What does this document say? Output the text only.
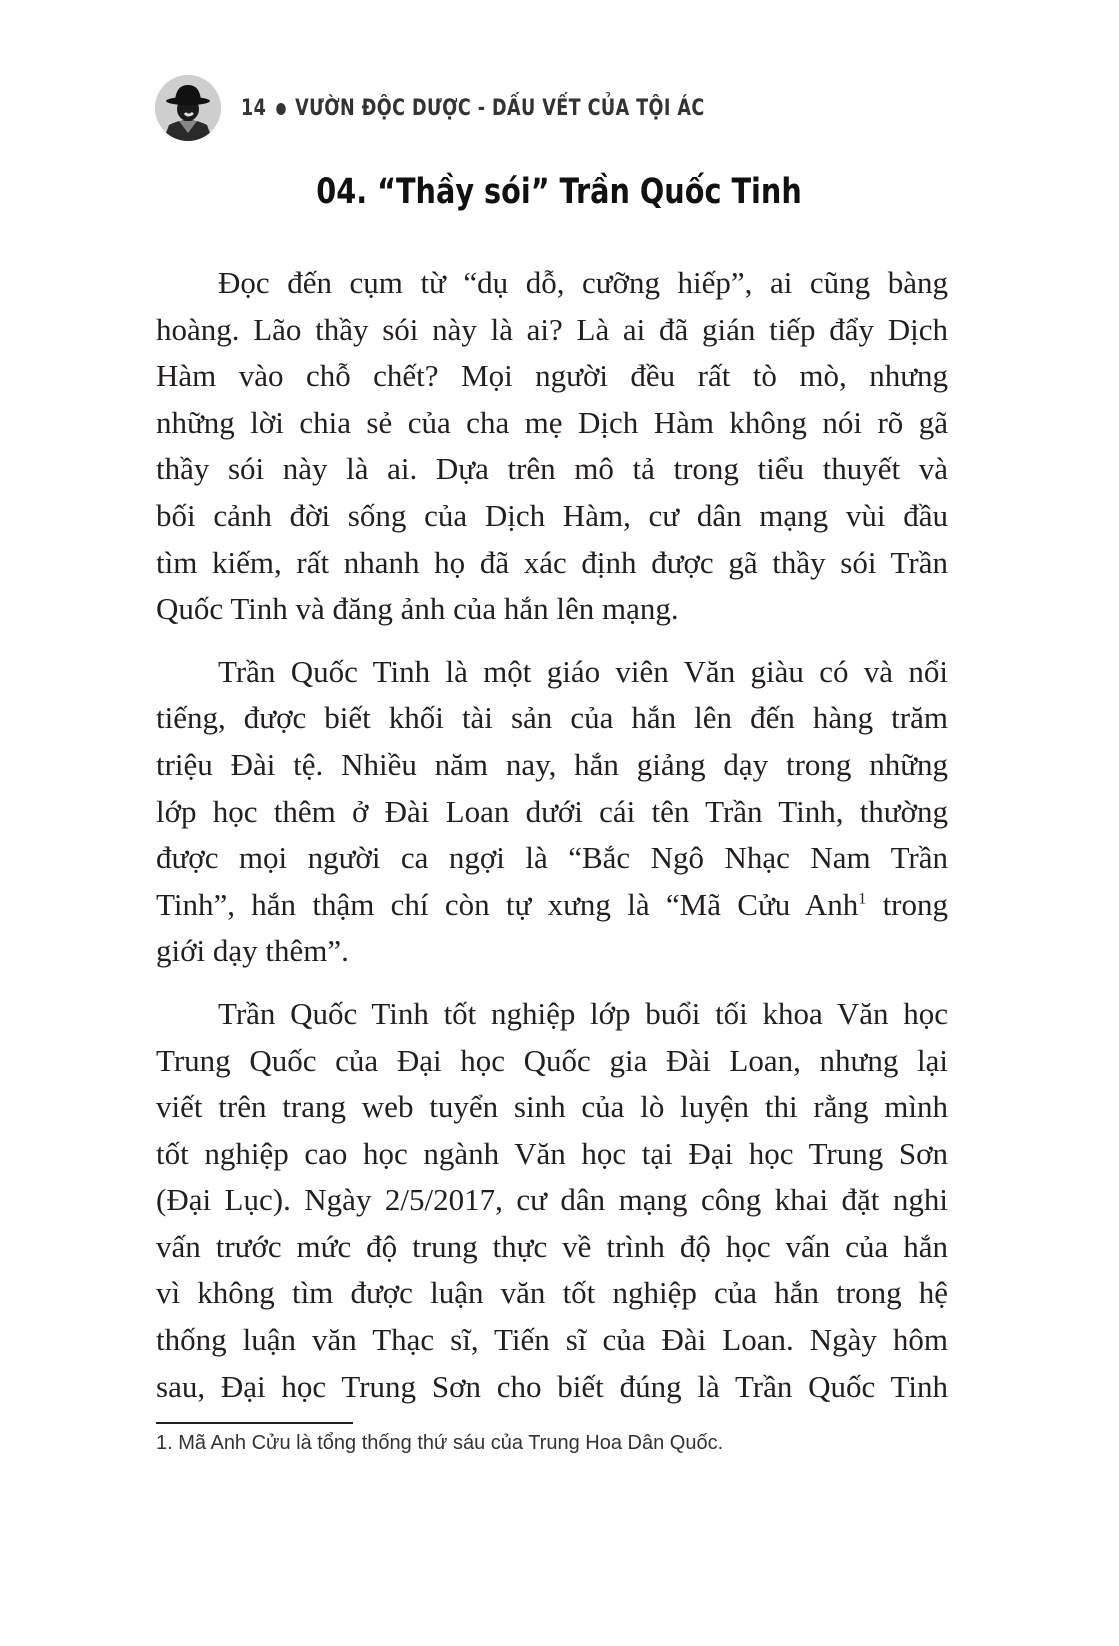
14 VƯỜN ĐỘC DƯỢC - DẤU VẾT CỦA TỘI ÁC
04. “Thầy sói” Trần Quốc Tinh
Đọc đến cụm từ “dụ dỗ, cưỡng hiếp”, ai cũng bàng
hoàng. Lão thầy sói này là ai? Là ai đã gián tiếp đẩy Dịch
Hàm vào chỗ chết? Mọi người đều rất tò mò, nhưng
những lời chia sẻ của cha mẹ Dịch Hàm không nói rõ gã
thầy sói này là ai. Dựa trên mô tả trong tiểu thuyết và
bối cảnh đời sống của Dịch Hàm, cư dân mạng vùi đầu
tìm kiếm, rất nhanh họ đã xác định được gã thầy sói Trần
Quốc Tinh và đăng ảnh của hắn lên mạng.
Trần Quốc Tinh là một giáo viên Văn giàu có và nổi
tiếng, được biết khối tài sản của hắn lên đến hàng trăm
triệu Đài tệ. Nhiều năm nay, hắn giảng dạy trong những
lớp học thêm ở Đài Loan dưới cái tên Trần Tinh, thường
được mọi người ca ngợi là “Bắc Ngô Nhạc Nam Trần
Tinh”, hắn thậm chí còn tự xưng là “Mã Cửu Anh$^1$ trong
giới dạy thêm”.
Trần Quốc Tinh tốt nghiệp lớp buổi tối khoa Văn học
Trung Quốc của Đại học Quốc gia Đài Loan, nhưng lại
viết trên trang web tuyển sinh của lò luyện thi rằng mình
tốt nghiệp cao học ngành Văn học tại Đại học Trung Sơn
(Đại Lục). Ngày 2/5/2017, cư dân mạng công khai đặt nghi
vấn trước mức độ trung thực về trình độ học vấn của hắn
vì không tìm được luận văn tốt nghiệp của hắn trong hệ
thống luận văn Thạc sĩ, Tiến sĩ của Đài Loan. Ngày hôm
sau, Đại học Trung Sơn cho biết đúng là Trần Quốc Tinh
1. Mã Anh Cửu là tổng thống thứ sáu của Trung Hoa Dân Quốc.
